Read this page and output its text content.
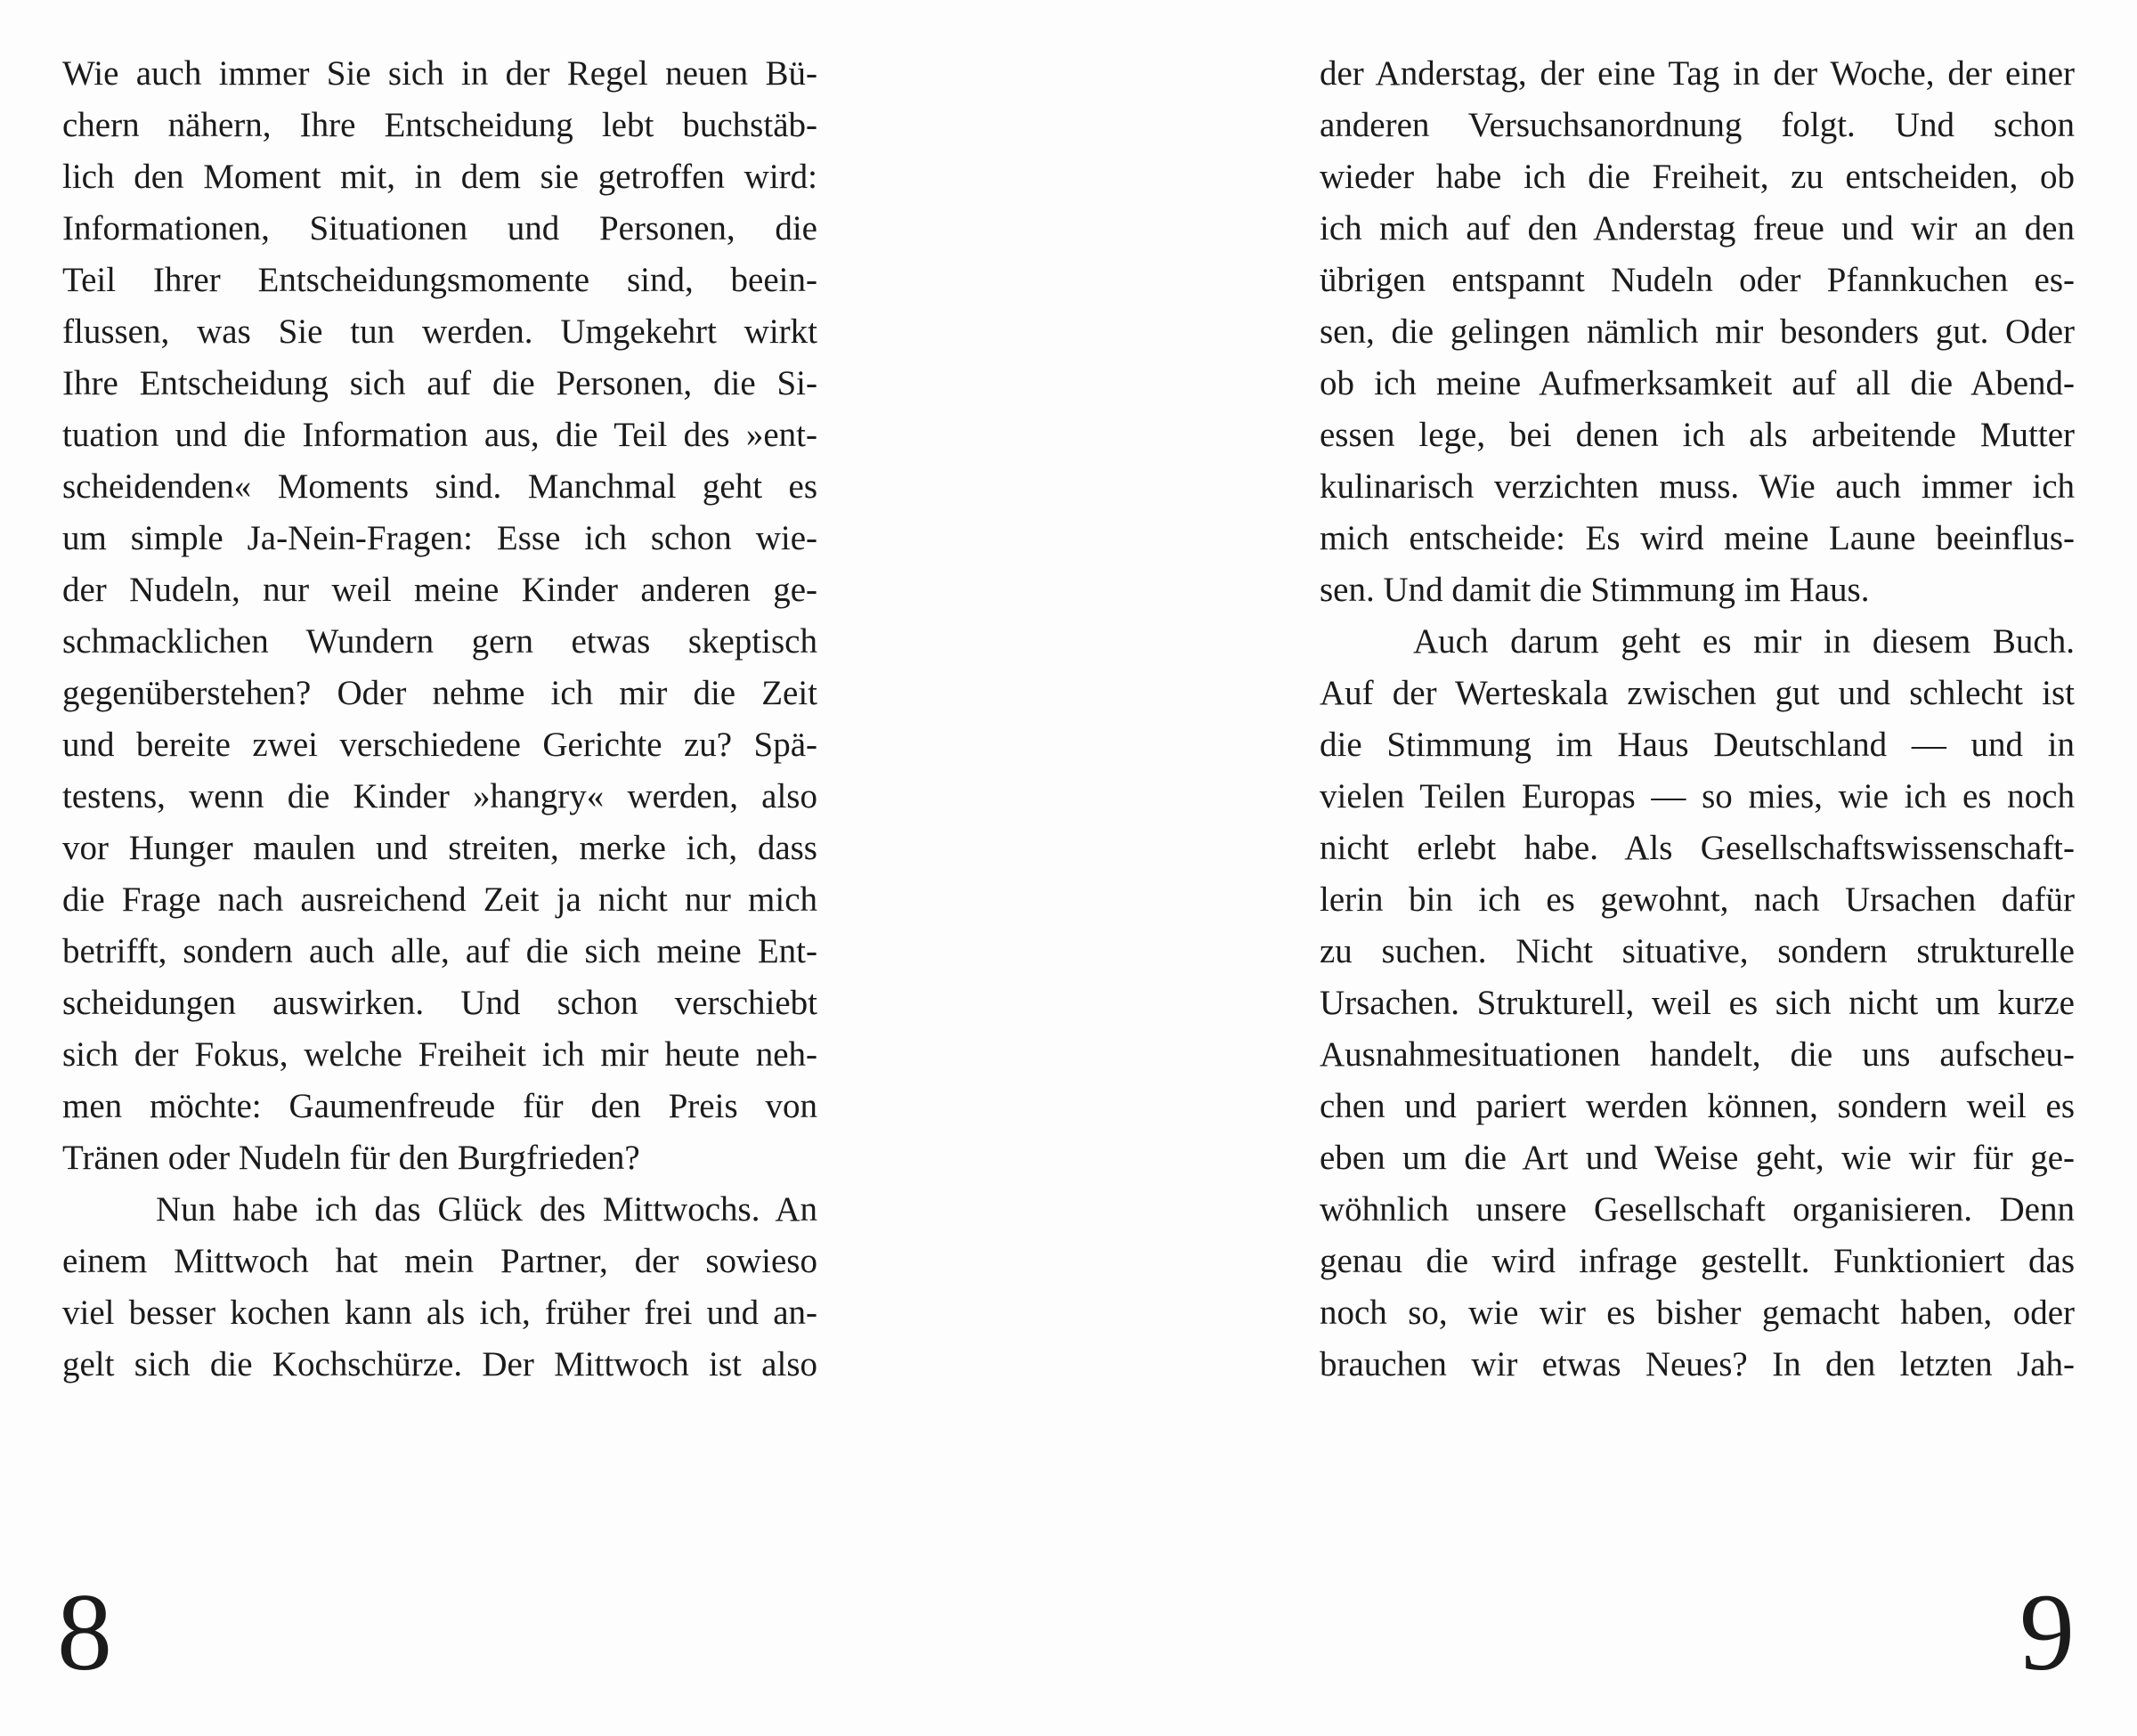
Wie auch immer Sie sich in der Regel neuen Bü-
chern nähern, Ihre Entscheidung lebt buchstäb-
lich den Moment mit, in dem sie getroffen wird:
Informationen, Situationen und Personen, die
Teil Ihrer Entscheidungsmomente sind, beein-
flussen, was Sie tun werden. Umgekehrt wirkt
Ihre Entscheidung sich auf die Personen, die Si-
tuation und die Information aus, die Teil des »ent-
scheidenden« Moments sind. Manchmal geht es
um simple Ja-Nein-Fragen: Esse ich schon wie-
der Nudeln, nur weil meine Kinder anderen ge-
schmacklichen Wundern gern etwas skeptisch
gegenüberstehen? Oder nehme ich mir die Zeit
und bereite zwei verschiedene Gerichte zu? Spä-
testens, wenn die Kinder »hangry« werden, also
vor Hunger maulen und streiten, merke ich, dass
die Frage nach ausreichend Zeit ja nicht nur mich
betrifft, sondern auch alle, auf die sich meine Ent-
scheidungen auswirken. Und schon verschiebt
sich der Fokus, welche Freiheit ich mir heute neh-
men möchte: Gaumenfreude für den Preis von
Tränen oder Nudeln für den Burgfrieden?
Nun habe ich das Glück des Mittwochs. An
einem Mittwoch hat mein Partner, der sowieso
viel besser kochen kann als ich, früher frei und an-
gelt sich die Kochschürze. Der Mittwoch ist also
8
der Anderstag, der eine Tag in der Woche, der einer
anderen Versuchsanordnung folgt. Und schon
wieder habe ich die Freiheit, zu entscheiden, ob
ich mich auf den Anderstag freue und wir an den
übrigen entspannt Nudeln oder Pfannkuchen es-
sen, die gelingen nämlich mir besonders gut. Oder
ob ich meine Aufmerksamkeit auf all die Abend-
essen lege, bei denen ich als arbeitende Mutter
kulinarisch verzichten muss. Wie auch immer ich
mich entscheide: Es wird meine Laune beeinflus-
sen. Und damit die Stimmung im Haus.
Auch darum geht es mir in diesem Buch.
Auf der Werteskala zwischen gut und schlecht ist
die Stimmung im Haus Deutschland — und in
vielen Teilen Europas — so mies, wie ich es noch
nicht erlebt habe. Als Gesellschaftswissenschaft-
lerin bin ich es gewohnt, nach Ursachen dafür
zu suchen. Nicht situative, sondern strukturelle
Ursachen. Strukturell, weil es sich nicht um kurze
Ausnahmesituationen handelt, die uns aufscheu-
chen und pariert werden können, sondern weil es
eben um die Art und Weise geht, wie wir für ge-
wöhnlich unsere Gesellschaft organisieren. Denn
genau die wird infrage gestellt. Funktioniert das
noch so, wie wir es bisher gemacht haben, oder
brauchen wir etwas Neues? In den letzten Jah-
9
